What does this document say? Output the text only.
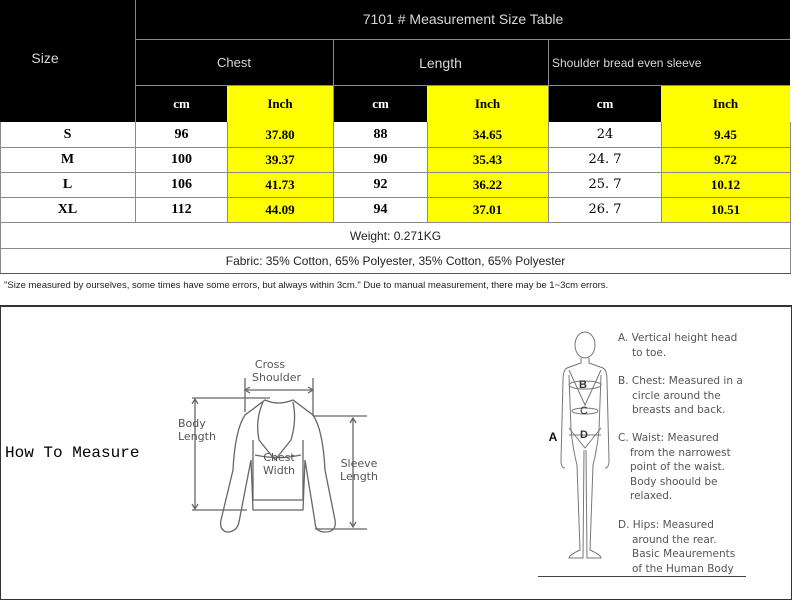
7101 # Measurement Size Table
Size	Chest	Length	Shoulder bread even sleeve
cm	Inch	cm	Inch	cm	Inch
S	96	37.80	88	34.65	24	9.45
M	100	39.37	90	35.43	24. 7	9.72
L	106	41.73	92	36.22	25. 7	10.12
XL	112	44.09	94	37.01	26. 7	10.51
Weight: 0.271KG
Fabric: 35% Cotton, 65% Polyester, 35% Cotton, 65% Polyester
"Size measured by ourselves, some times have some errors, but always within 3cm." Due to manual measurement, there may be 1~3cm errors.
How To Measure
Cross
Shoulder
Body
Length
Chest
Width
Sleeve
Length
B
C
D
A
A. Vertical height head
to toe.
B. Chest: Measured in a
circle around the
breasts and back.
C. Waist: Measured
from the narrowest
point of the waist.
Body shoould be
relaxed.
D. Hips: Measured
around the rear.
Basic Meaurements
of the Human Body
